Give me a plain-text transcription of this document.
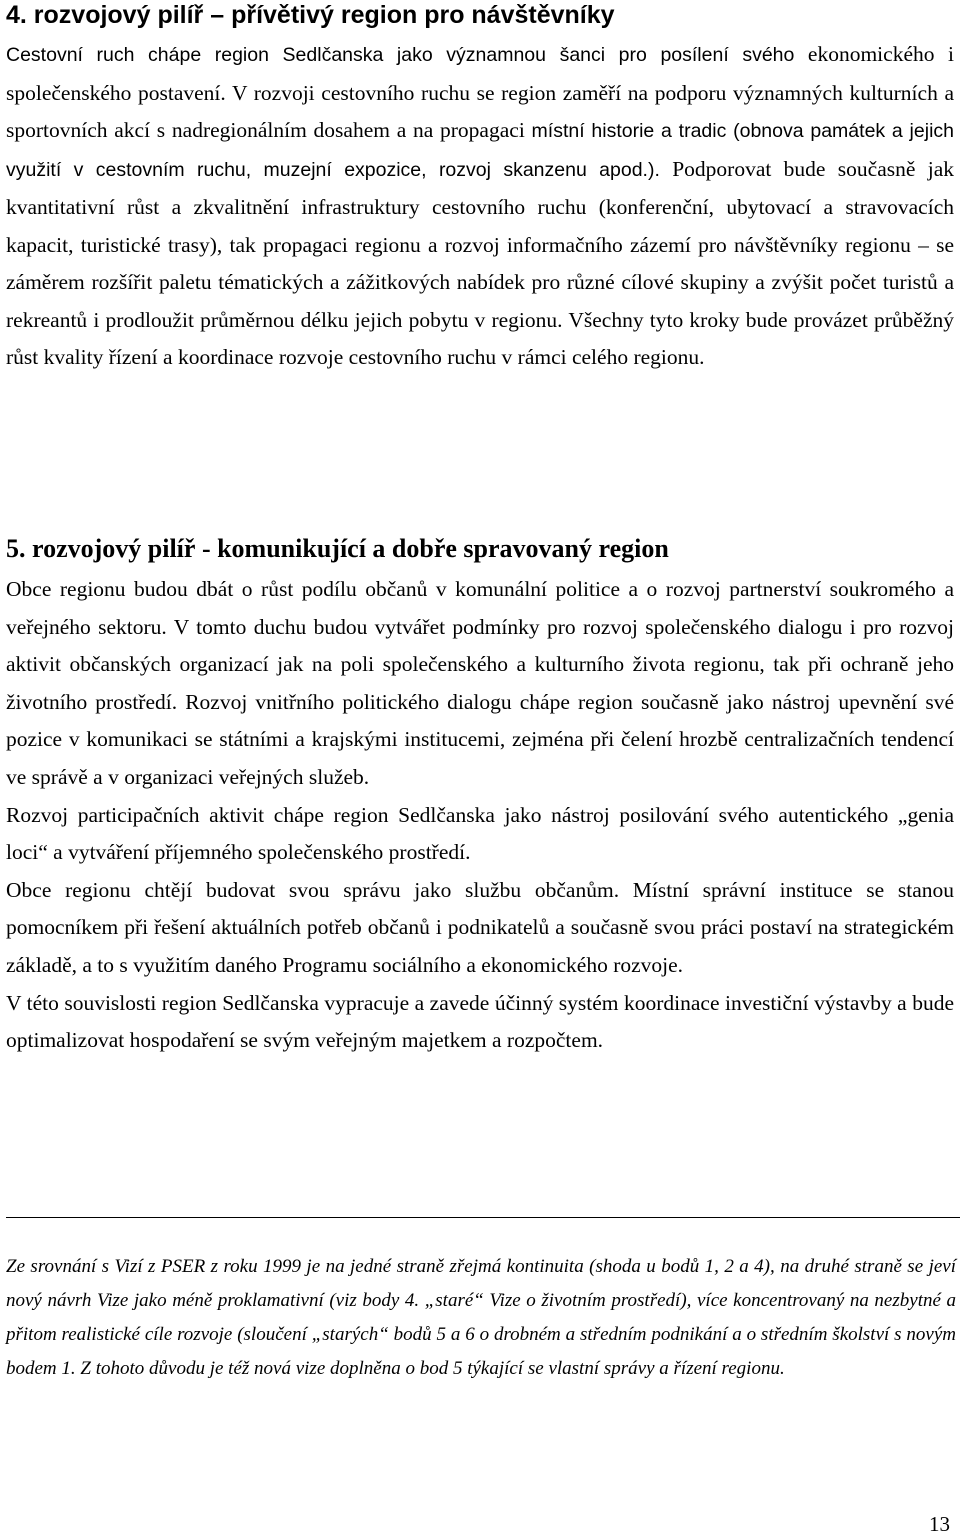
4. rozvojový pilíř – přívětivý region pro návštěvníky

Cestovní ruch chápe region Sedlčanska jako významnou šanci pro posílení svého ekonomického i společenského postavení. V rozvoji cestovního ruchu se region zaměří na podporu významných kulturních a sportovních akcí s nadregionálním dosahem a na propagaci místní historie a tradic (obnova památek a jejich využití v cestovním ruchu, muzejní expozice, rozvoj skanzenu apod.). Podporovat bude současně jak kvantitativní růst a zkvalitnění infrastruktury cestovního ruchu (konferenční, ubytovací a stravovacích kapacit, turistické trasy), tak propagaci regionu a rozvoj informačního zázemí pro návštěvníky regionu – se záměrem rozšířit paletu tématických a zážitkových nabídek pro různé cílové skupiny a zvýšit počet turistů a rekreantů i prodloužit průměrnou délku jejich pobytu v regionu. Všechny tyto kroky bude provázet průběžný růst kvality řízení a koordinace rozvoje cestovního ruchu v rámci celého regionu.

5. rozvojový pilíř - komunikující a dobře spravovaný region

Obce regionu budou dbát o růst podílu občanů v komunální politice a o rozvoj partnerství soukromého a veřejného sektoru. V tomto duchu budou vytvářet podmínky pro rozvoj společenského dialogu i pro rozvoj aktivit občanských organizací jak na poli společenského a kulturního života regionu, tak při ochraně jeho životního prostředí. Rozvoj vnitřního politického dialogu chápe region současně jako nástroj upevnění své pozice v komunikaci se státními a krajskými institucemi, zejména při čelení hrozbě centralizačních tendencí ve správě a v organizaci veřejných služeb.

Rozvoj participačních aktivit chápe region Sedlčanska jako nástroj posilování svého autentického „genia loci“ a vytváření příjemného společenského prostředí.

Obce regionu chtějí budovat svou správu jako službu občanům. Místní správní instituce se stanou pomocníkem při řešení aktuálních potřeb občanů i podnikatelů a současně svou práci postaví na strategickém základě, a to s využitím daného Programu sociálního a ekonomického rozvoje.

V této souvislosti region Sedlčanska vypracuje a zavede účinný systém koordinace investiční výstavby a bude optimalizovat hospodaření se svým veřejným majetkem a rozpočtem.

Ze srovnání s Vizí z PSER z roku 1999 je na jedné straně zřejmá kontinuita (shoda u bodů 1, 2 a 4), na druhé straně se jeví nový návrh Vize jako méně proklamativní (viz body 4. „staré“ Vize o životním prostředí), více koncentrovaný na nezbytné a přitom realistické cíle rozvoje (sloučení „starých“ bodů 5 a 6 o drobném a středním podnikání a o středním školství s novým bodem 1. Z tohoto důvodu je též nová vize doplněna o bod 5 týkající se vlastní správy a řízení regionu.

13
